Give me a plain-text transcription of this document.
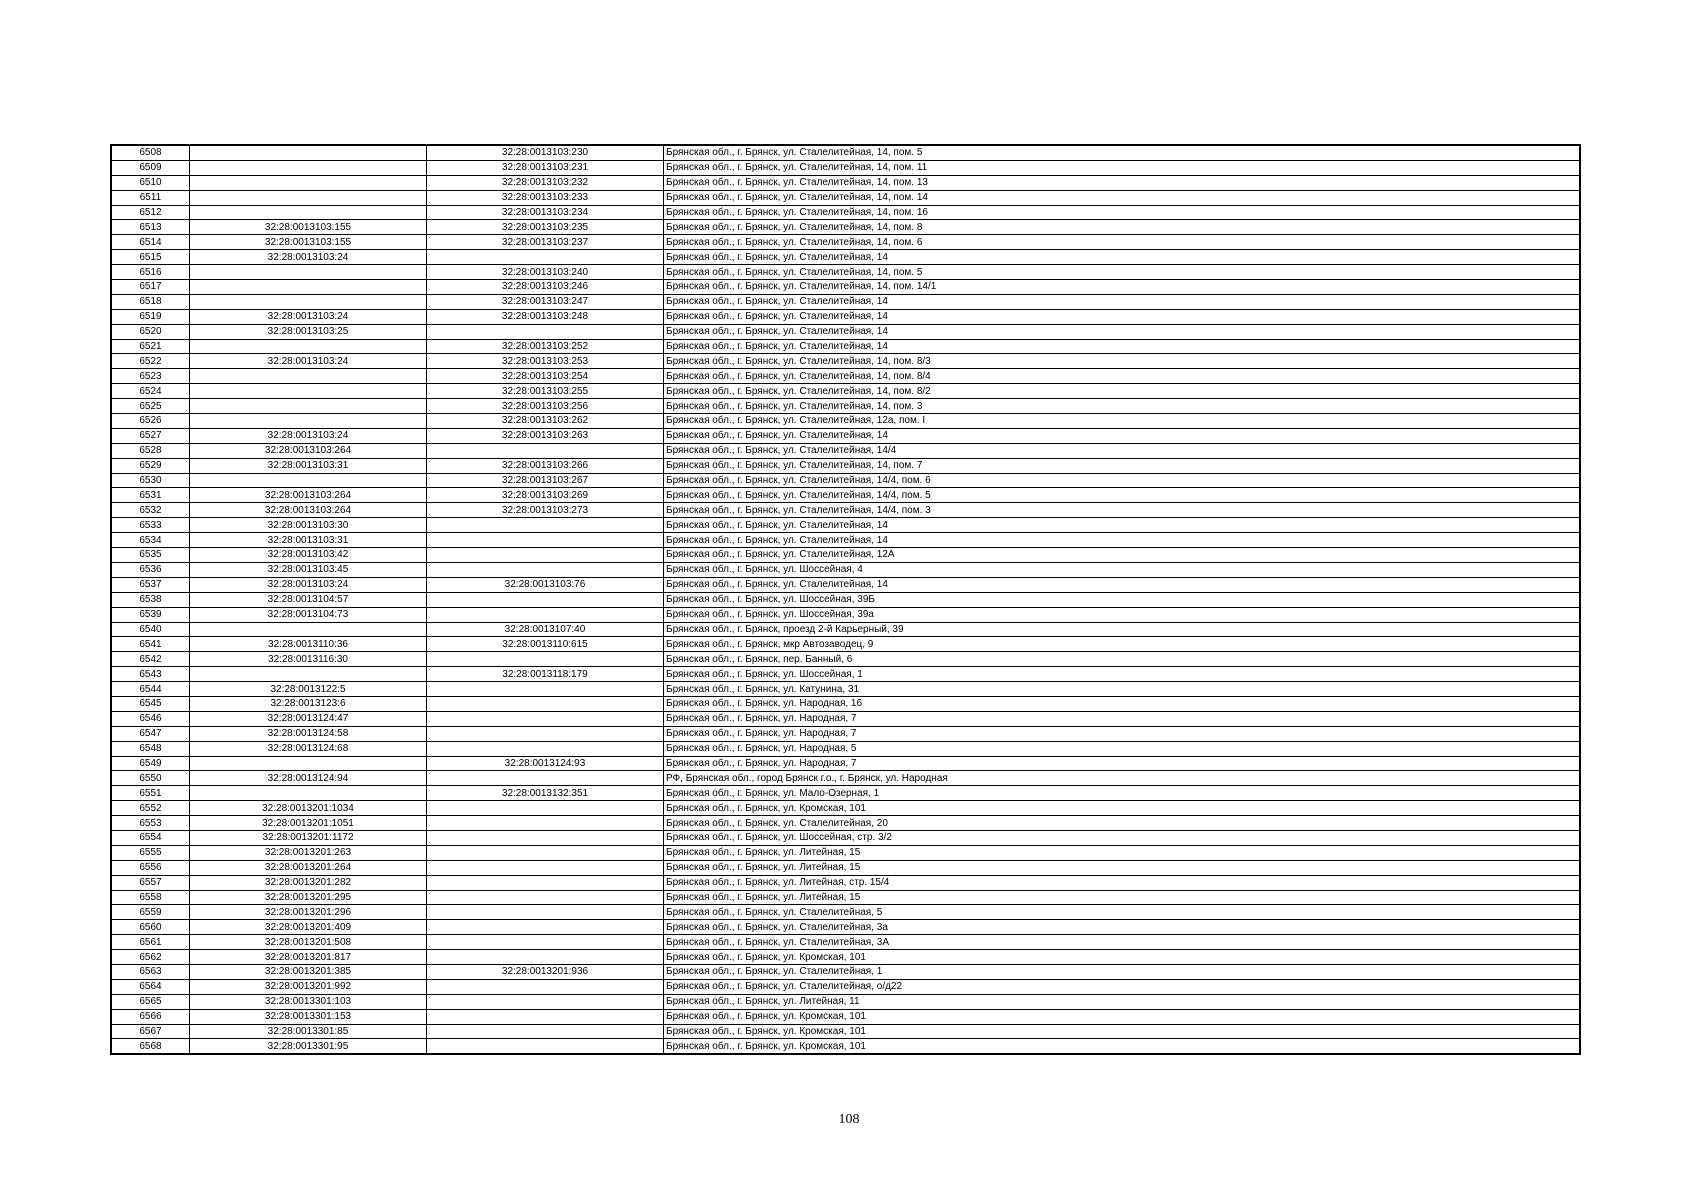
6508		32:28:0013103:230	Брянская обл., г. Брянск, ул. Сталелитейная, 14, пом. 5
6509		32:28:0013103:231	Брянская обл., г. Брянск, ул. Сталелитейная, 14, пом. 11
6510		32:28:0013103:232	Брянская обл., г. Брянск, ул. Сталелитейная, 14, пом. 13
6511		32:28:0013103:233	Брянская обл., г. Брянск, ул. Сталелитейная, 14, пом. 14
6512		32:28:0013103:234	Брянская обл., г. Брянск, ул. Сталелитейная, 14, пом. 16
6513	32:28:0013103:155	32:28:0013103:235	Брянская обл., г. Брянск, ул. Сталелитейная, 14, пом. 8
6514	32:28:0013103:155	32:28:0013103:237	Брянская обл., г. Брянск, ул. Сталелитейная, 14, пом. 6
6515	32:28:0013103:24		Брянская обл., г. Брянск, ул. Сталелитейная, 14
6516		32:28:0013103:240	Брянская обл., г. Брянск, ул. Сталелитейная, 14, пом. 5
6517		32:28:0013103:246	Брянская обл., г. Брянск, ул. Сталелитейная, 14, пом. 14/1
6518		32:28:0013103:247	Брянская обл., г. Брянск, ул. Сталелитейная, 14
6519	32:28:0013103:24	32:28:0013103:248	Брянская обл., г. Брянск, ул. Сталелитейная, 14
6520	32:28:0013103:25		Брянская обл., г. Брянск, ул. Сталелитейная, 14
6521		32:28:0013103:252	Брянская обл., г. Брянск, ул. Сталелитейная, 14
6522	32:28:0013103:24	32:28:0013103:253	Брянская обл., г. Брянск, ул. Сталелитейная, 14, пом. 8/3
6523		32:28:0013103:254	Брянская обл., г. Брянск, ул. Сталелитейная, 14, пом. 8/4
6524		32:28:0013103:255	Брянская обл., г. Брянск, ул. Сталелитейная, 14, пом. 8/2
6525		32:28:0013103:256	Брянская обл., г. Брянск, ул. Сталелитейная, 14, пом. 3
6526		32:28:0013103:262	Брянская обл., г. Брянск, ул. Сталелитейная, 12а, пом. I
6527	32:28:0013103:24	32:28:0013103:263	Брянская обл., г. Брянск, ул. Сталелитейная, 14
6528	32:28:0013103:264		Брянская обл., г. Брянск, ул. Сталелитейная, 14/4
6529	32:28:0013103:31	32:28:0013103:266	Брянская обл., г. Брянск, ул. Сталелитейная, 14, пом. 7
6530		32:28:0013103:267	Брянская обл., г. Брянск, ул. Сталелитейная, 14/4, пом. 6
6531	32:28:0013103:264	32:28:0013103:269	Брянская обл., г. Брянск, ул. Сталелитейная, 14/4, пом. 5
6532	32:28:0013103:264	32:28:0013103:273	Брянская обл., г. Брянск, ул. Сталелитейная, 14/4, пом. 3
6533	32:28:0013103:30		Брянская обл., г. Брянск, ул. Сталелитейная, 14
6534	32:28:0013103:31		Брянская обл., г. Брянск, ул. Сталелитейная, 14
6535	32:28:0013103:42		Брянская обл., г. Брянск, ул. Сталелитейная, 12А
6536	32:28:0013103:45		Брянская обл., г. Брянск, ул. Шоссейная, 4
6537	32:28:0013103:24	32:28:0013103:76	Брянская обл., г. Брянск, ул. Сталелитейная, 14
6538	32:28:0013104:57		Брянская обл., г. Брянск, ул. Шоссейная, 39Б
6539	32:28:0013104:73		Брянская обл., г. Брянск, ул. Шоссейная, 39а
6540		32:28:0013107:40	Брянская обл., г. Брянск, проезд 2-й Карьерный, 39
6541	32:28:0013110:36	32:28:0013110:615	Брянская обл., г. Брянск, мкр Автозаводец, 9
6542	32:28:0013116:30		Брянская обл., г. Брянск, пер. Банный, 6
6543		32:28:0013118:179	Брянская обл., г. Брянск, ул. Шоссейная, 1
6544	32:28:0013122:5		Брянская обл., г. Брянск, ул. Катунина, 31
6545	32:28:0013123:6		Брянская обл., г. Брянск, ул. Народная, 16
6546	32:28:0013124:47		Брянская обл., г. Брянск, ул. Народная, 7
6547	32:28:0013124:58		Брянская обл., г. Брянск, ул. Народная, 7
6548	32:28:0013124:68		Брянская обл., г. Брянск, ул. Народная, 5
6549		32:28:0013124:93	Брянская обл., г. Брянск, ул. Народная, 7
6550	32:28:0013124:94		РФ, Брянская обл., город Брянск г.о., г. Брянск, ул. Народная
6551		32:28:0013132:351	Брянская обл., г. Брянск, ул. Мало-Озерная, 1
6552	32:28:0013201:1034		Брянская обл., г. Брянск, ул. Кромская, 101
6553	32:28:0013201:1051		Брянская обл., г. Брянск, ул. Сталелитейная, 20
6554	32:28:0013201:1172		Брянская обл., г. Брянск, ул. Шоссейная, стр. 3/2
6555	32:28:0013201:263		Брянская обл., г. Брянск, ул. Литейная, 15
6556	32:28:0013201:264		Брянская обл., г. Брянск, ул. Литейная, 15
6557	32:28:0013201:282		Брянская обл., г. Брянск, ул. Литейная, стр. 15/4
6558	32:28:0013201:295		Брянская обл., г. Брянск, ул. Литейная, 15
6559	32:28:0013201:296		Брянская обл., г. Брянск, ул. Сталелитейная, 5
6560	32:28:0013201:409		Брянская обл., г. Брянск, ул. Сталелитейная, 3а
6561	32:28:0013201:508		Брянская обл., г. Брянск, ул. Сталелитейная, 3А
6562	32:28:0013201:817		Брянская обл., г. Брянск, ул. Кромская, 101
6563	32:28:0013201:385	32:28:0013201:936	Брянская обл., г. Брянск, ул. Сталелитейная, 1
6564	32:28:0013201:992		Брянская обл., г. Брянск, ул. Сталелитейная, о/д22
6565	32:28:0013301:103		Брянская обл., г. Брянск, ул. Литейная, 11
6566	32:28:0013301:153		Брянская обл., г. Брянск, ул. Кромская, 101
6567	32:28:0013301:85		Брянская обл., г. Брянск, ул. Кромская, 101
6568	32:28:0013301:95		Брянская обл., г. Брянск, ул. Кромская, 101
108
